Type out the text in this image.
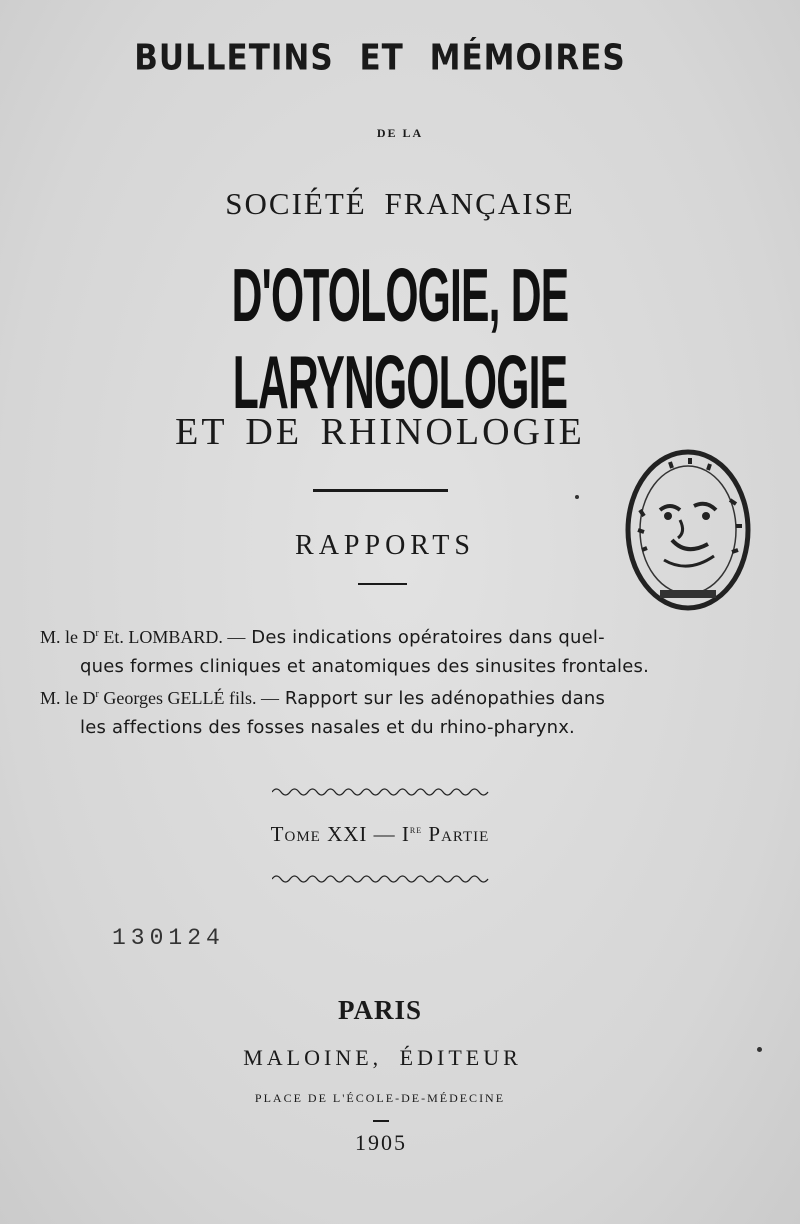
BULLETINS ET MÉMOIRES
DE LA
SOCIÉTÉ FRANÇAISE
D'OTOLOGIE, DE LARYNGOLOGIE
ET DE RHINOLOGIE
RAPPORTS
M. le $D^r$ Et. LOMBARD. — Des indications opératoires dans quel-
ques formes cliniques et anatomiques des sinusites frontales.
M. le $D^r$ Georges GELLÉ fils. — Rapport sur les adénopathies dans
les affections des fosses nasales et du rhino-pharynx.
Tome XXI — Ire Partie
130124
PARIS
MALOINE, ÉDITEUR
PLACE DE L'ÉCOLE-DE-MÉDECINE
1905
